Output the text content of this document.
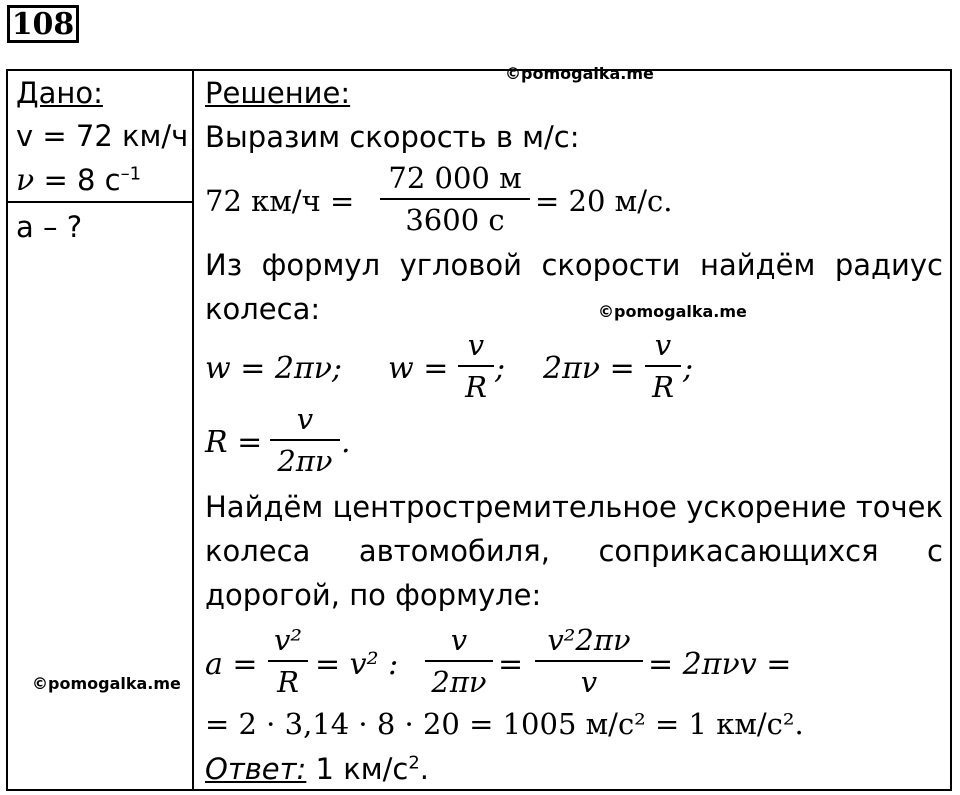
108
Дано:
v = 72 км/ч
ν = 8 $с^{-1}$
a – ?
©pomogalka.me
©pomogalka.me
©pomogalka.me
Решение:
Выразим скорость в м/с:
72 км/ч =
72 000 м
3600 с
= 20 м/с.
Из формул угловой скорости найдём радиус колеса:
w = 2πν; w =
v
R
; 2πν =
v
R
;
R =
v
2πν
.
Найдём центростремительное ускорение точек колеса автомобиля, соприкасающихся с дорогой, по формуле:
a =
v²
R = v² :
v
2πν =
v²2πν
v	= 2πνv =
= 2 · 3,14 · 8 · 20 = 1005 м/с² = 1 км/с².
Ответ: 1 $км/с^2$.
